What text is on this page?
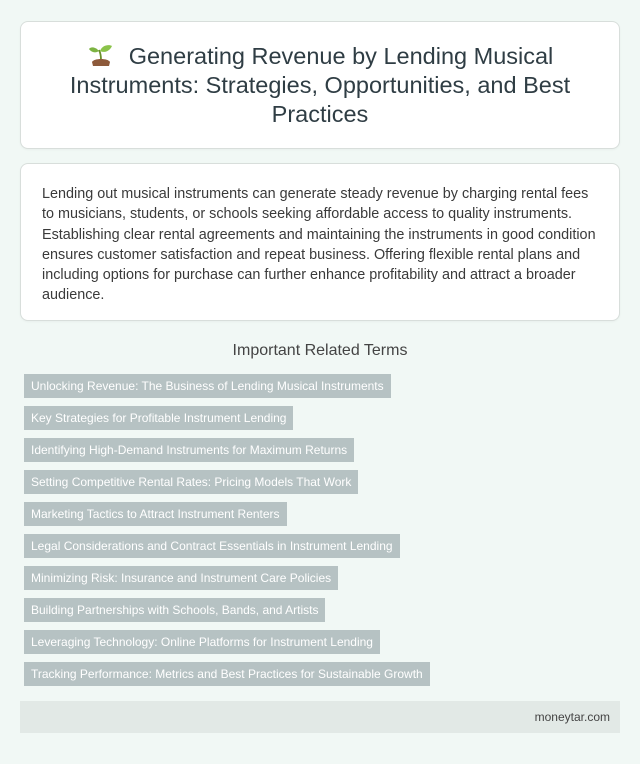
Generating Revenue by Lending Musical Instruments: Strategies, Opportunities, and Best Practices

Lending out musical instruments can generate steady revenue by charging rental fees to musicians, students, or schools seeking affordable access to quality instruments. Establishing clear rental agreements and maintaining the instruments in good condition ensures customer satisfaction and repeat business. Offering flexible rental plans and including options for purchase can further enhance profitability and attract a broader audience.

Important Related Terms
Unlocking Revenue: The Business of Lending Musical Instruments
Key Strategies for Profitable Instrument Lending
Identifying High-Demand Instruments for Maximum Returns
Setting Competitive Rental Rates: Pricing Models That Work
Marketing Tactics to Attract Instrument Renters
Legal Considerations and Contract Essentials in Instrument Lending
Minimizing Risk: Insurance and Instrument Care Policies
Building Partnerships with Schools, Bands, and Artists
Leveraging Technology: Online Platforms for Instrument Lending
Tracking Performance: Metrics and Best Practices for Sustainable Growth
moneytar.com
